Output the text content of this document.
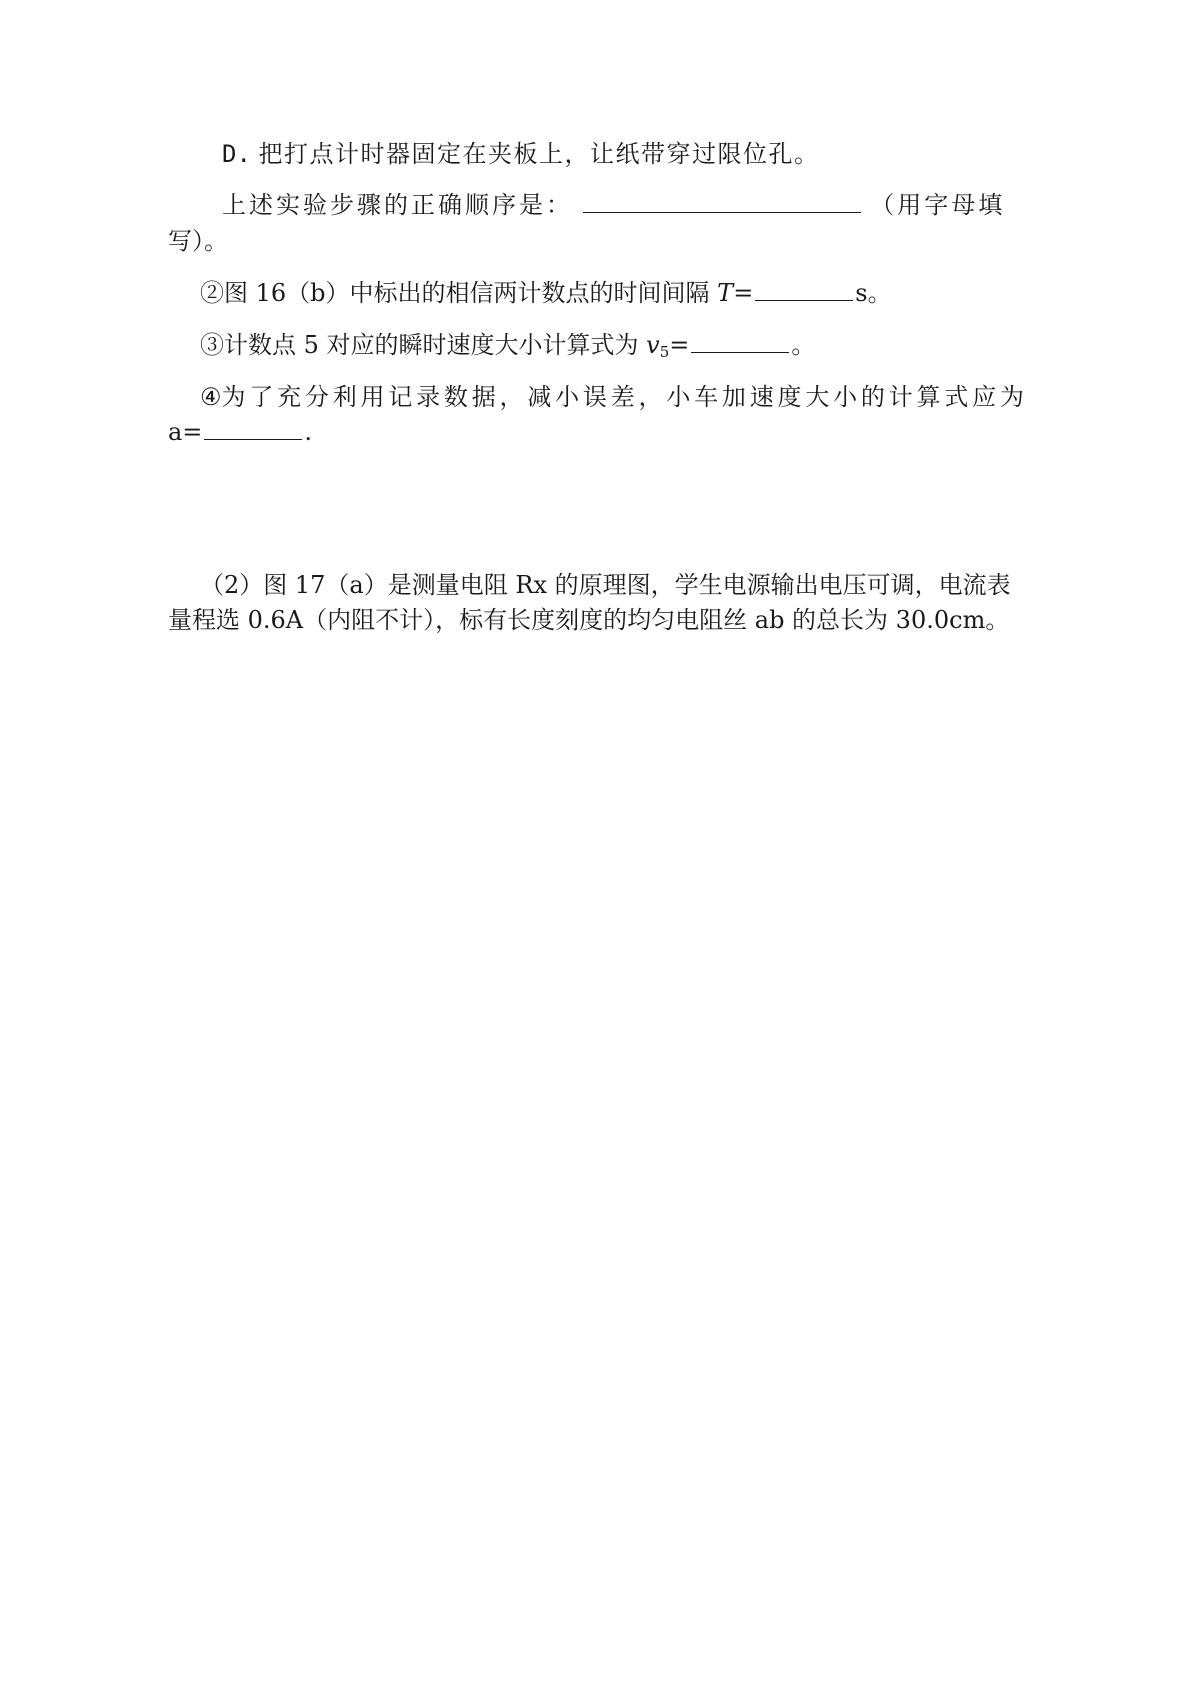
D. 把打点计时器固定在夹板上，让纸带穿过限位孔。
上述实验步骤的正确顺序是：	（用字母填
写）。
②图 16（b）中标出的相信两计数点的时间间隔 T=	s。
③计数点 5 对应的瞬时速度大小计算式为 $v_5=$	。
④为了充分利用记录数据，减小误差，小车加速度大小的计算式应为
a=	.
（2）图 17（a）是测量电阻 Rx 的原理图，学生电源输出电压可调，电流表
量程选 0.6A（内阻不计），标有长度刻度的均匀电阻丝 ab 的总长为 30.0cm。
